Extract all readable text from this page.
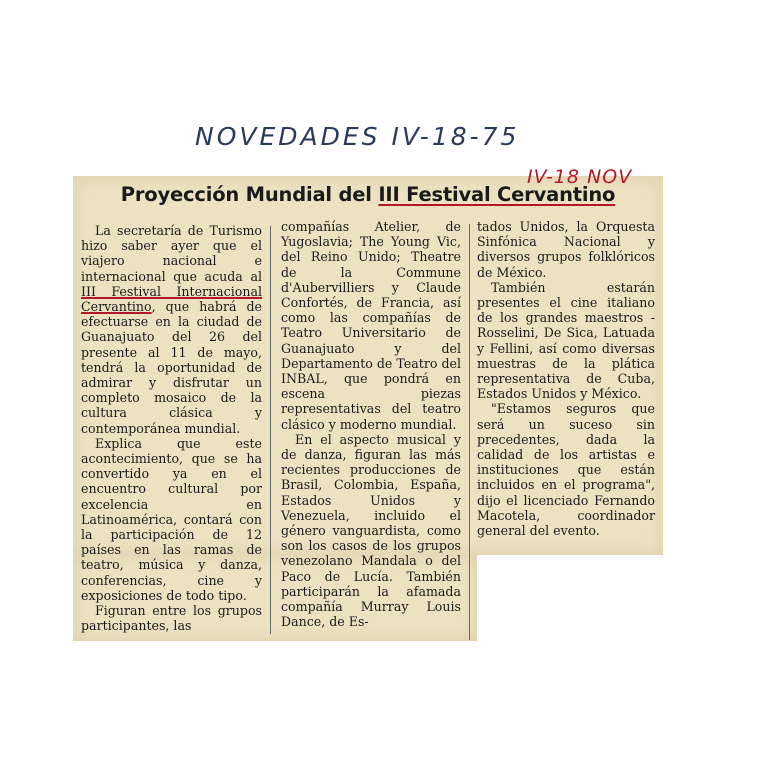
NOVEDADES IV-18-75
IV-18 NOV
Proyección Mundial del III Festival Cervantino

La secretaría de Turismo hizo saber ayer que el viajero nacional e internacional que acuda al III Festival Internacional Cervantino, que habrá de efectuarse en la ciudad de Guanajuato del 26 del presente al 11 de mayo, tendrá la oportunidad de admirar y disfrutar un completo mosaico de la cultura clásica y contemporánea mundial.

Explica que este acontecimiento, que se ha convertido ya en el encuentro cultural por excelencia en Latinoamérica, contará con la participación de 12 países en las ramas de teatro, música y danza, conferencias, cine y exposiciones de todo tipo.

Figuran entre los grupos participantes, las

compañías Atelier, de Yugoslavia; The Young Vic, del Reino Unido; Theatre de la Commune d'Aubervilliers y Claude Confortés, de Francia, así como las compañías de Teatro Universitario de Guanajuato y del Departamento de Teatro del INBAL, que pondrá en escena piezas representativas del teatro clásico y moderno mundial.

En el aspecto musical y de danza, figuran las más recientes producciones de Brasil, Colombia, España, Estados Unidos y Venezuela, incluido el género vanguardista, como son los casos de los grupos venezolano Mandala o del Paco de Lucía. También participarán la afamada compañía Murray Louis Dance, de Es-

tados Unidos, la Orquesta Sinfónica Nacional y diversos grupos folklóricos de México.

También estarán presentes el cine italiano de los grandes maestros - Rosselini, De Sica, Latuada y Fellini, así como diversas muestras de la plática representativa de Cuba, Estados Unidos y México.

"Estamos seguros que será un suceso sin precedentes, dada la calidad de los artistas e instituciones que están incluidos en el programa", dijo el licenciado Fernando Macotela, coordinador general del evento.
